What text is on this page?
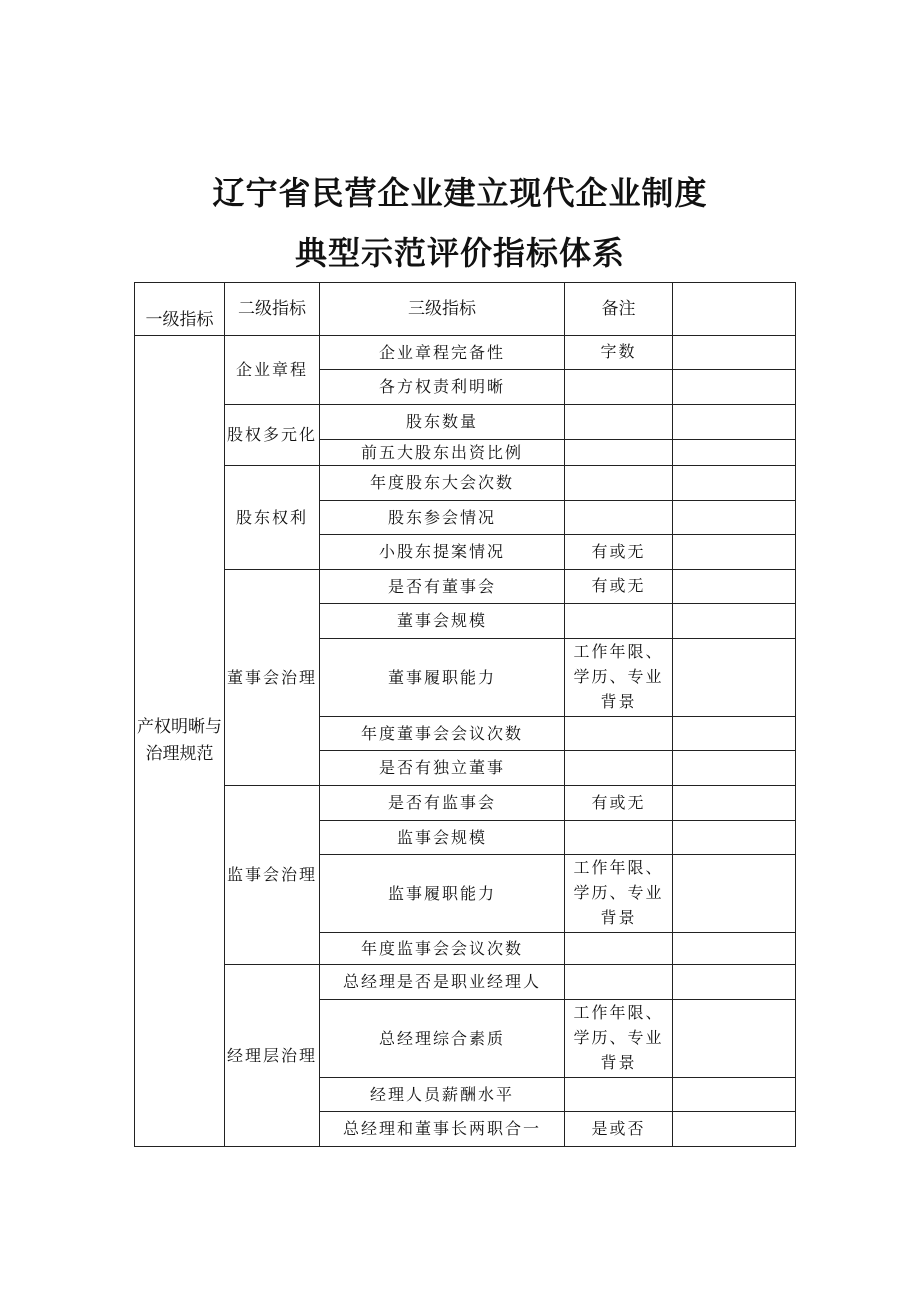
辽宁省民营企业建立现代企业制度
典型示范评价指标体系
一级指标	二级指标	三级指标	备注	
产权明晰与治理规范	企业章程	企业章程完备性	字数	
		各方权责利明晰		
	股权多元化	股东数量		
		前五大股东出资比例		
	股东权利	年度股东大会次数		
		股东参会情况		
		小股东提案情况	有或无	
	董事会治理	是否有董事会	有或无	
		董事会规模		
		董事履职能力	工作年限、学历、专业背景	
		年度董事会会议次数		
		是否有独立董事		
	监事会治理	是否有监事会	有或无	
		监事会规模		
		监事履职能力	工作年限、学历、专业背景	
		年度监事会会议次数		
	经理层治理	总经理是否是职业经理人		
		总经理综合素质	工作年限、学历、专业背景	
		经理人员薪酬水平		
		总经理和董事长两职合一	是或否	
